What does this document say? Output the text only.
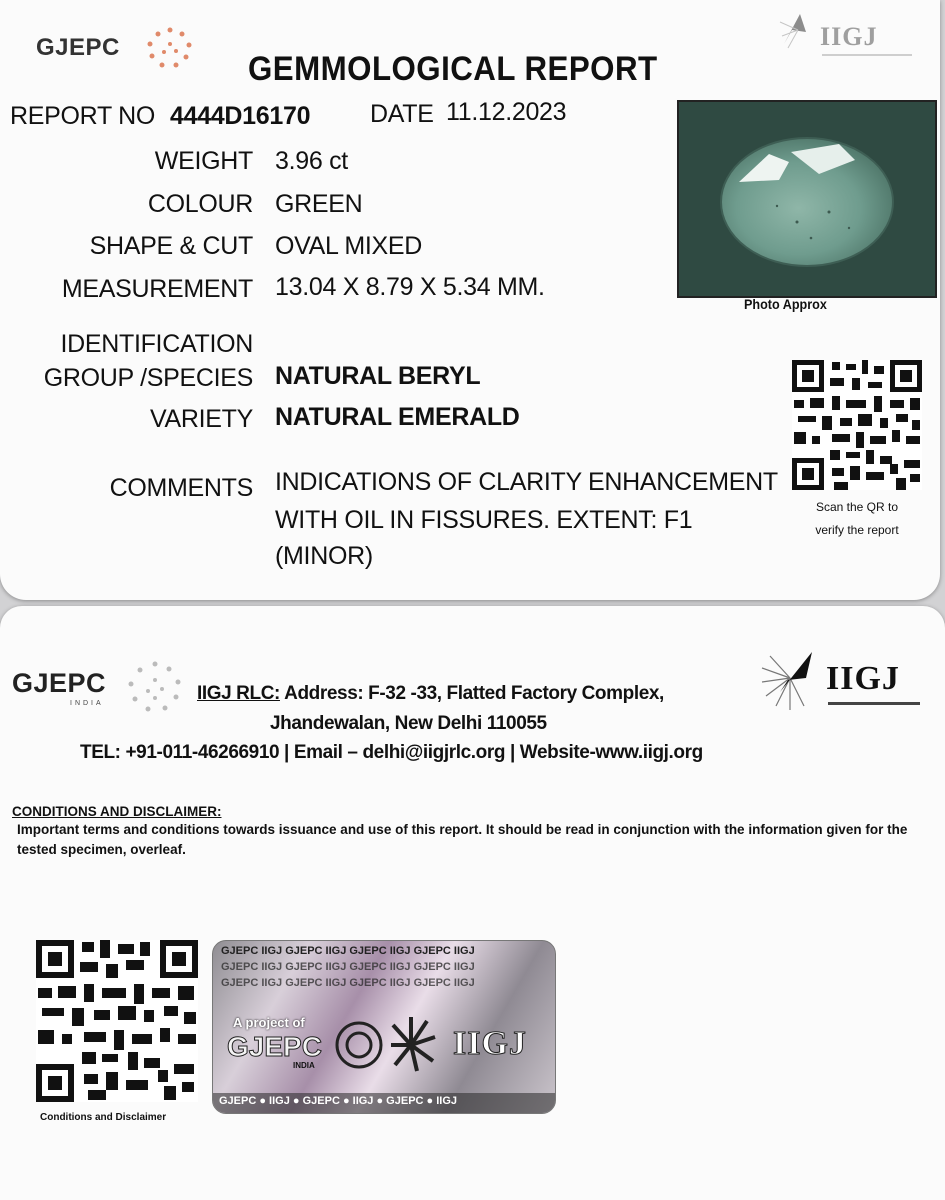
GJEPC	IIGJ
GEMMOLOGICAL REPORT
REPORT NO 4444D16170 DATE 11.12.2023
WEIGHT 3.96 ct
COLOUR GREEN
SHAPE & CUT OVAL MIXED
MEASUREMENT 13.04 X 8.79 X 5.34 MM.
IDENTIFICATION
GROUP /SPECIES NATURAL BERYL
VARIETY NATURAL EMERALD
COMMENTS INDICATIONS OF CLARITY ENHANCEMENT
WITH OIL IN FISSURES. EXTENT: F1
(MINOR)
Photo Approx
Scan the QR to
verify the report
GJEPC
INDIA
IIGJ
IIGJ RLC: Address: F-32 -33, Flatted Factory Complex,
Jhandewalan, New Delhi 110055
TEL: +91-011-46266910 | Email – delhi@iigjrlc.org | Website-www.iigj.org
CONDITIONS AND DISCLAIMER:
Important terms and conditions towards issuance and use of this report. It should be read in conjunction with the information given for the tested specimen, overleaf.
Conditions and Disclaimer
GJEPC IIGJ GJEPC IIGJ GJEPC IIGJ GJEPC IIGJ
GJEPC IIGJ GJEPC IIGJ GJEPC IIGJ GJEPC IIGJ
GJEPC IIGJ GJEPC IIGJ GJEPC IIGJ GJEPC IIGJ
A project of
GJEPC
INDIA
IIGJ
GJEPC ● IIGJ ● GJEPC ● IIGJ ● GJEPC ● IIGJ
